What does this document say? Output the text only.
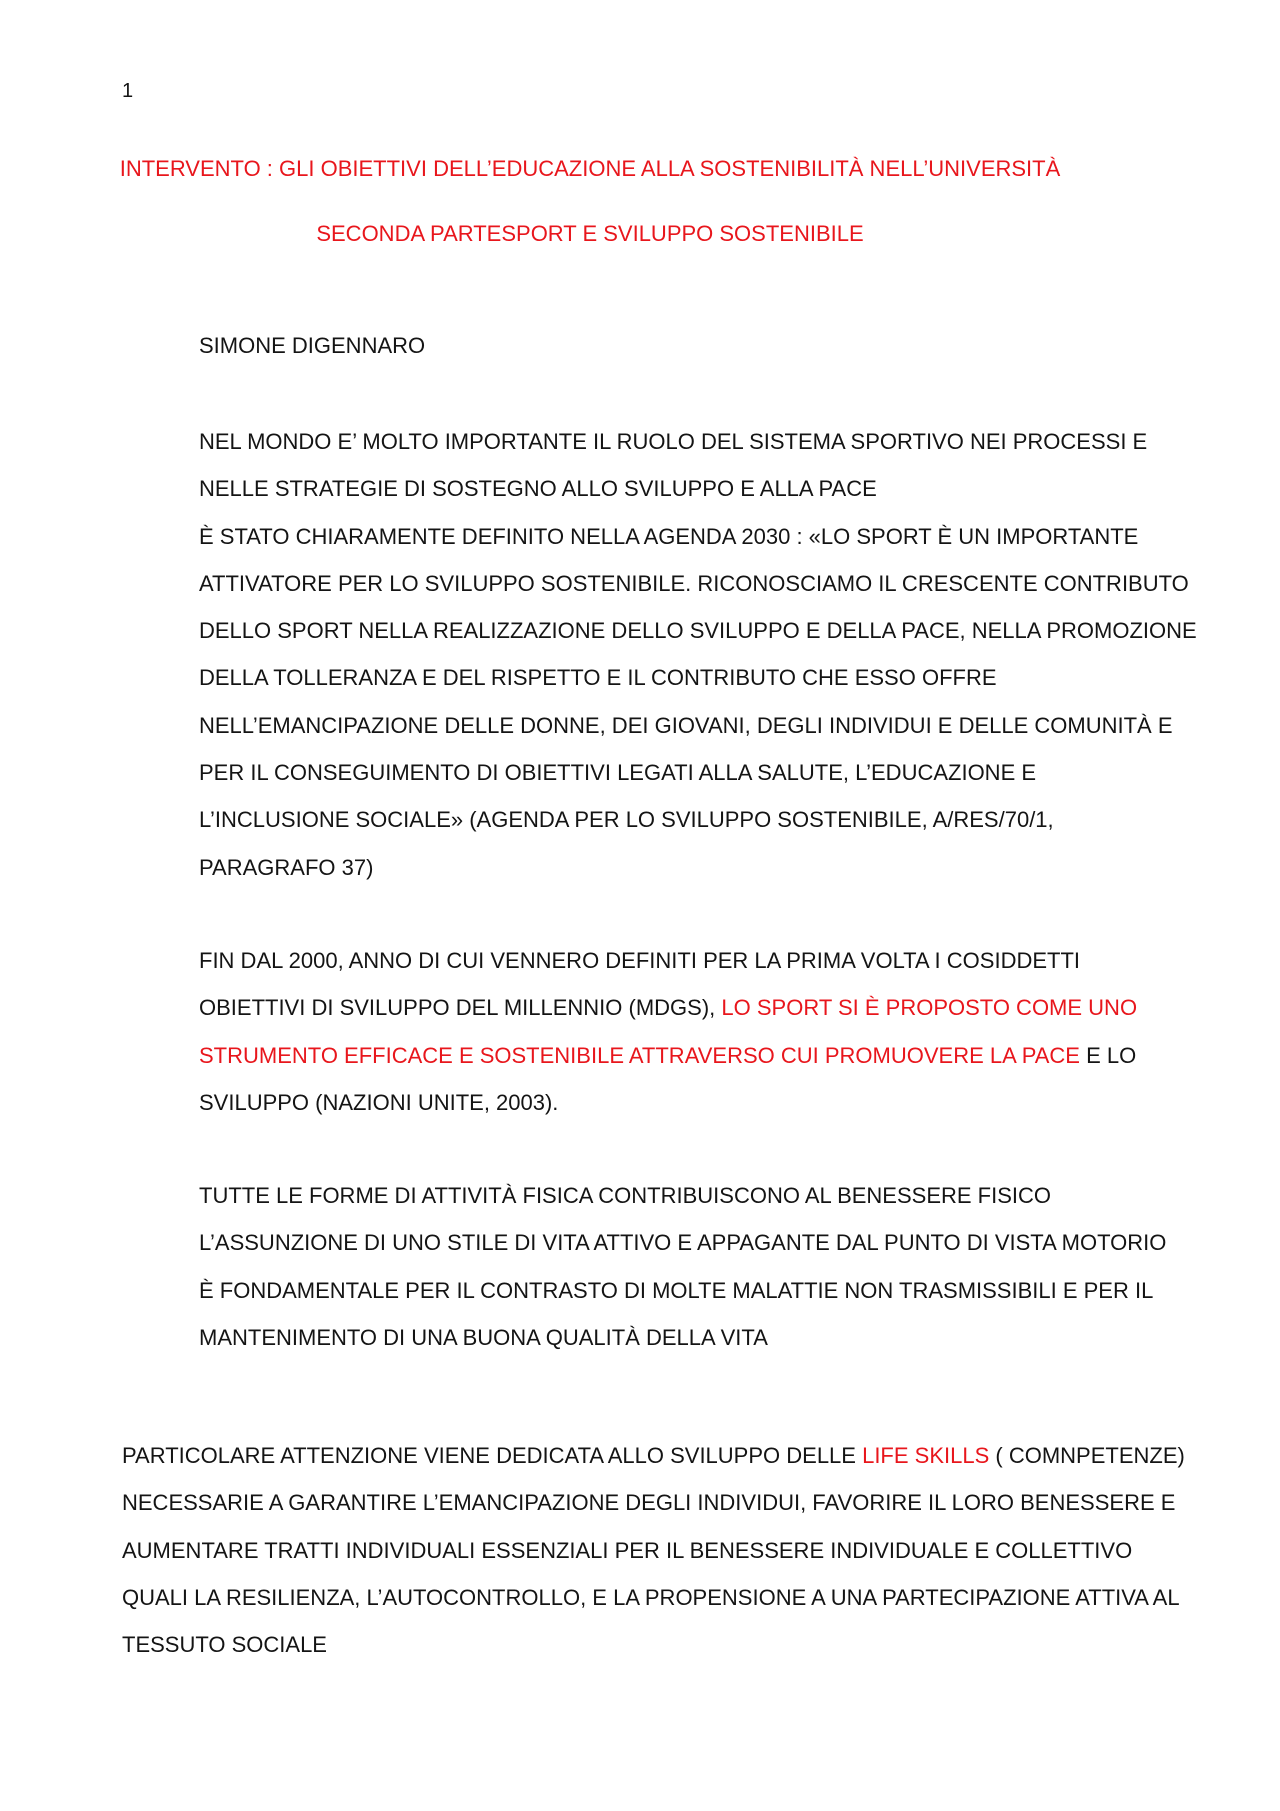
1
INTERVENTO : GLI OBIETTIVI DELL’EDUCAZIONE ALLA SOSTENIBILITÀ NELL’UNIVERSITÀ
SECONDA PARTESPORT E SVILUPPO SOSTENIBILE
SIMONE DIGENNARO
NEL MONDO E’ MOLTO IMPORTANTE IL RUOLO DEL SISTEMA SPORTIVO NEI PROCESSI E
NELLE STRATEGIE DI SOSTEGNO ALLO SVILUPPO E ALLA PACE
È STATO CHIARAMENTE DEFINITO NELLA AGENDA 2030 : «LO SPORT È UN IMPORTANTE
ATTIVATORE PER LO SVILUPPO SOSTENIBILE. RICONOSCIAMO IL CRESCENTE CONTRIBUTO
DELLO SPORT NELLA REALIZZAZIONE DELLO SVILUPPO E DELLA PACE, NELLA PROMOZIONE
DELLA TOLLERANZA E DEL RISPETTO E IL CONTRIBUTO CHE ESSO OFFRE
NELL’EMANCIPAZIONE DELLE DONNE, DEI GIOVANI, DEGLI INDIVIDUI E DELLE COMUNITÀ E
PER IL CONSEGUIMENTO DI OBIETTIVI LEGATI ALLA SALUTE, L’EDUCAZIONE E
L’INCLUSIONE SOCIALE» (AGENDA PER LO SVILUPPO SOSTENIBILE, A/RES/70/1,
PARAGRAFO 37)
FIN DAL 2000, ANNO DI CUI VENNERO DEFINITI PER LA PRIMA VOLTA I COSIDDETTI
OBIETTIVI DI SVILUPPO DEL MILLENNIO (MDGS), LO SPORT SI È PROPOSTO COME UNO
STRUMENTO EFFICACE E SOSTENIBILE ATTRAVERSO CUI PROMUOVERE LA PACE E LO
SVILUPPO (NAZIONI UNITE, 2003).
TUTTE LE FORME DI ATTIVITÀ FISICA CONTRIBUISCONO AL BENESSERE FISICO
L’ASSUNZIONE DI UNO STILE DI VITA ATTIVO E APPAGANTE DAL PUNTO DI VISTA MOTORIO
È FONDAMENTALE PER IL CONTRASTO DI MOLTE MALATTIE NON TRASMISSIBILI E PER IL
MANTENIMENTO DI UNA BUONA QUALITÀ DELLA VITA
PARTICOLARE ATTENZIONE VIENE DEDICATA ALLO SVILUPPO DELLE LIFE SKILLS ( COMNPETENZE)
NECESSARIE A GARANTIRE L’EMANCIPAZIONE DEGLI INDIVIDUI, FAVORIRE IL LORO BENESSERE E
AUMENTARE TRATTI INDIVIDUALI ESSENZIALI PER IL BENESSERE INDIVIDUALE E COLLETTIVO
QUALI LA RESILIENZA, L’AUTOCONTROLLO, E LA PROPENSIONE A UNA PARTECIPAZIONE ATTIVA AL
TESSUTO SOCIALE
